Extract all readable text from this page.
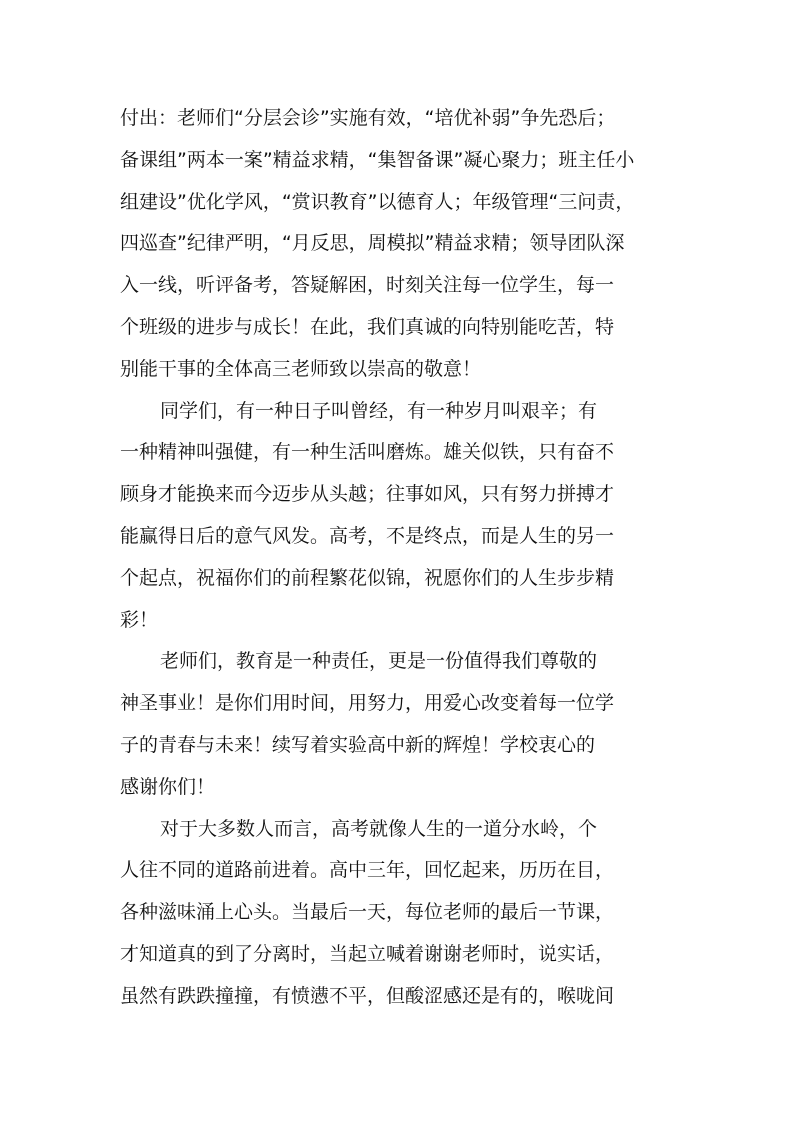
付出：老师们“分层会诊”实施有效，“培优补弱”争先恐后；
备课组”两本一案”精益求精，“集智备课”凝心聚力；班主任小
组建设”优化学风，“赏识教育”以德育人；年级管理“三问责，
四巡查”纪律严明，“月反思，周模拟”精益求精；领导团队深
入一线，听评备考，答疑解困，时刻关注每一位学生，每一
个班级的进步与成长！在此，我们真诚的向特别能吃苦，特
别能干事的全体高三老师致以崇高的敬意！
同学们，有一种日子叫曾经，有一种岁月叫艰辛；有
一种精神叫强健，有一种生活叫磨炼。雄关似铁，只有奋不
顾身才能换来而今迈步从头越；往事如风，只有努力拼搏才
能赢得日后的意气风发。高考，不是终点，而是人生的另一
个起点，祝福你们的前程繁花似锦，祝愿你们的人生步步精
彩！
老师们，教育是一种责任，更是一份值得我们尊敬的
神圣事业！是你们用时间，用努力，用爱心改变着每一位学
子的青春与未来！续写着实验高中新的辉煌！学校衷心的
感谢你们！
对于大多数人而言，高考就像人生的一道分水岭，个
人往不同的道路前进着。高中三年，回忆起来，历历在目，
各种滋味涌上心头。当最后一天，每位老师的最后一节课，
才知道真的到了分离时，当起立喊着谢谢老师时，说实话，
虽然有跌跌撞撞，有愤懑不平，但酸涩感还是有的，喉咙间
